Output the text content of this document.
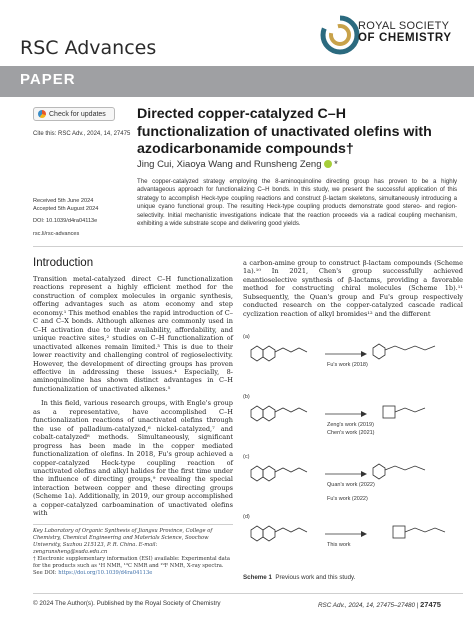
RSC Advances
ROYAL SOCIETY
OF CHEMISTRY
PAPER
Check for updates
Cite this: RSC Adv., 2024, 14, 27475
Directed copper-catalyzed C–H functionalization of unactivated olefins with azodicarbonamide compounds†
Jing Cui, Xiaoya Wang and Runsheng Zeng *
The copper-catalyzed strategy employing the 8-aminoquinoline directing group has proven to be a highly advantageous approach for functionalizing C–H bonds. In this study, we present the successful application of this strategy to accomplish Heck-type coupling reactions and construct β-lactam skeletons, simultaneously introducing a unique cyano functional group. The resulting Heck-type coupling products demonstrate good stereo- and region-selectivity. Initial mechanistic investigations indicate that the reaction proceeds via a radical coupling mechanism, exhibiting a wide substrate scope and delivering good yields.
Received 5th June 2024
Accepted 5th August 2024
DOI: 10.1039/d4ra04113e
rsc.li/rsc-advances
Introduction

Transition metal-catalyzed direct C–H functionalization reactions represent a highly efficient method for the construction of complex molecules in organic synthesis, offering advantages such as atom economy and step economy.¹ This method enables the rapid introduction of C–C and C–X bonds. Although alkenes are commonly used in C–H activation due to their availability, affordability, and unique reactive sites,² studies on C–H functionalization of unactivated alkenes remain limited.³ This is due to their lower reactivity and challenging control of regioselectivity. However, the development of directing groups has proven effective in addressing these issues.⁴ Especially, 8-aminoquinoline has shown distinct advantages in C–H functionalization of unactivated alkenes.⁵

In this field, various research groups, with Engle's group as a representative, have accomplished C–H functionalization reactions of unactivated olefins through the use of palladium-catalyzed,⁶ nickel-catalyzed,⁷ and cobalt-catalyzed⁸ methods. Simultaneously, significant progress has been made in the copper mediated functionalization of olefins. In 2018, Fu's group achieved a copper-catalyzed Heck-type coupling reaction of unactivated olefins and alkyl halides for the first time under the influence of directing groups,⁹ revealing the special interaction between copper and these directing groups (Scheme 1a). Additionally, in 2019, our group accomplished a copper-catalyzed carboamination of unactivated olefins with

a carbon-amine group to construct β-lactam compounds (Scheme 1a).¹⁰ In 2021, Chen's group successfully achieved enantioselective synthesis of β-lactams, providing a favorable method for constructing chiral molecules (Scheme 1b).¹¹ Subsequently, the Quan's group and Fu's group respectively conducted research on the copper-catalyzed cascade radical cyclization reaction of alkyl bromides¹² and the different

Key Laboratory of Organic Synthesis of Jiangsu Province, College of Chemistry, Chemical Engineering and Materials Science, Soochow University, Suzhou 215123, P. R. China. E-mail: zengrunsheng@suda.edu.cn
† Electronic supplementary information (ESI) available: Experimental data for the products such as ¹H NMR, ¹³C NMR and ¹⁹F NMR, X-ray spectra. See DOI: https://doi.org/10.1039/d4ra04113e
(a)
(b)
(c)
(d)
Fu's work (2018)
Zeng's work (2019)
Chen's work (2021)
Quan's work (2022)
Fu's work (2022)
This work
Scheme 1 Previous work and this study.
© 2024 The Author(s). Published by the Royal Society of Chemistry	RSC Adv., 2024, 14, 27475–27480 | 27475
